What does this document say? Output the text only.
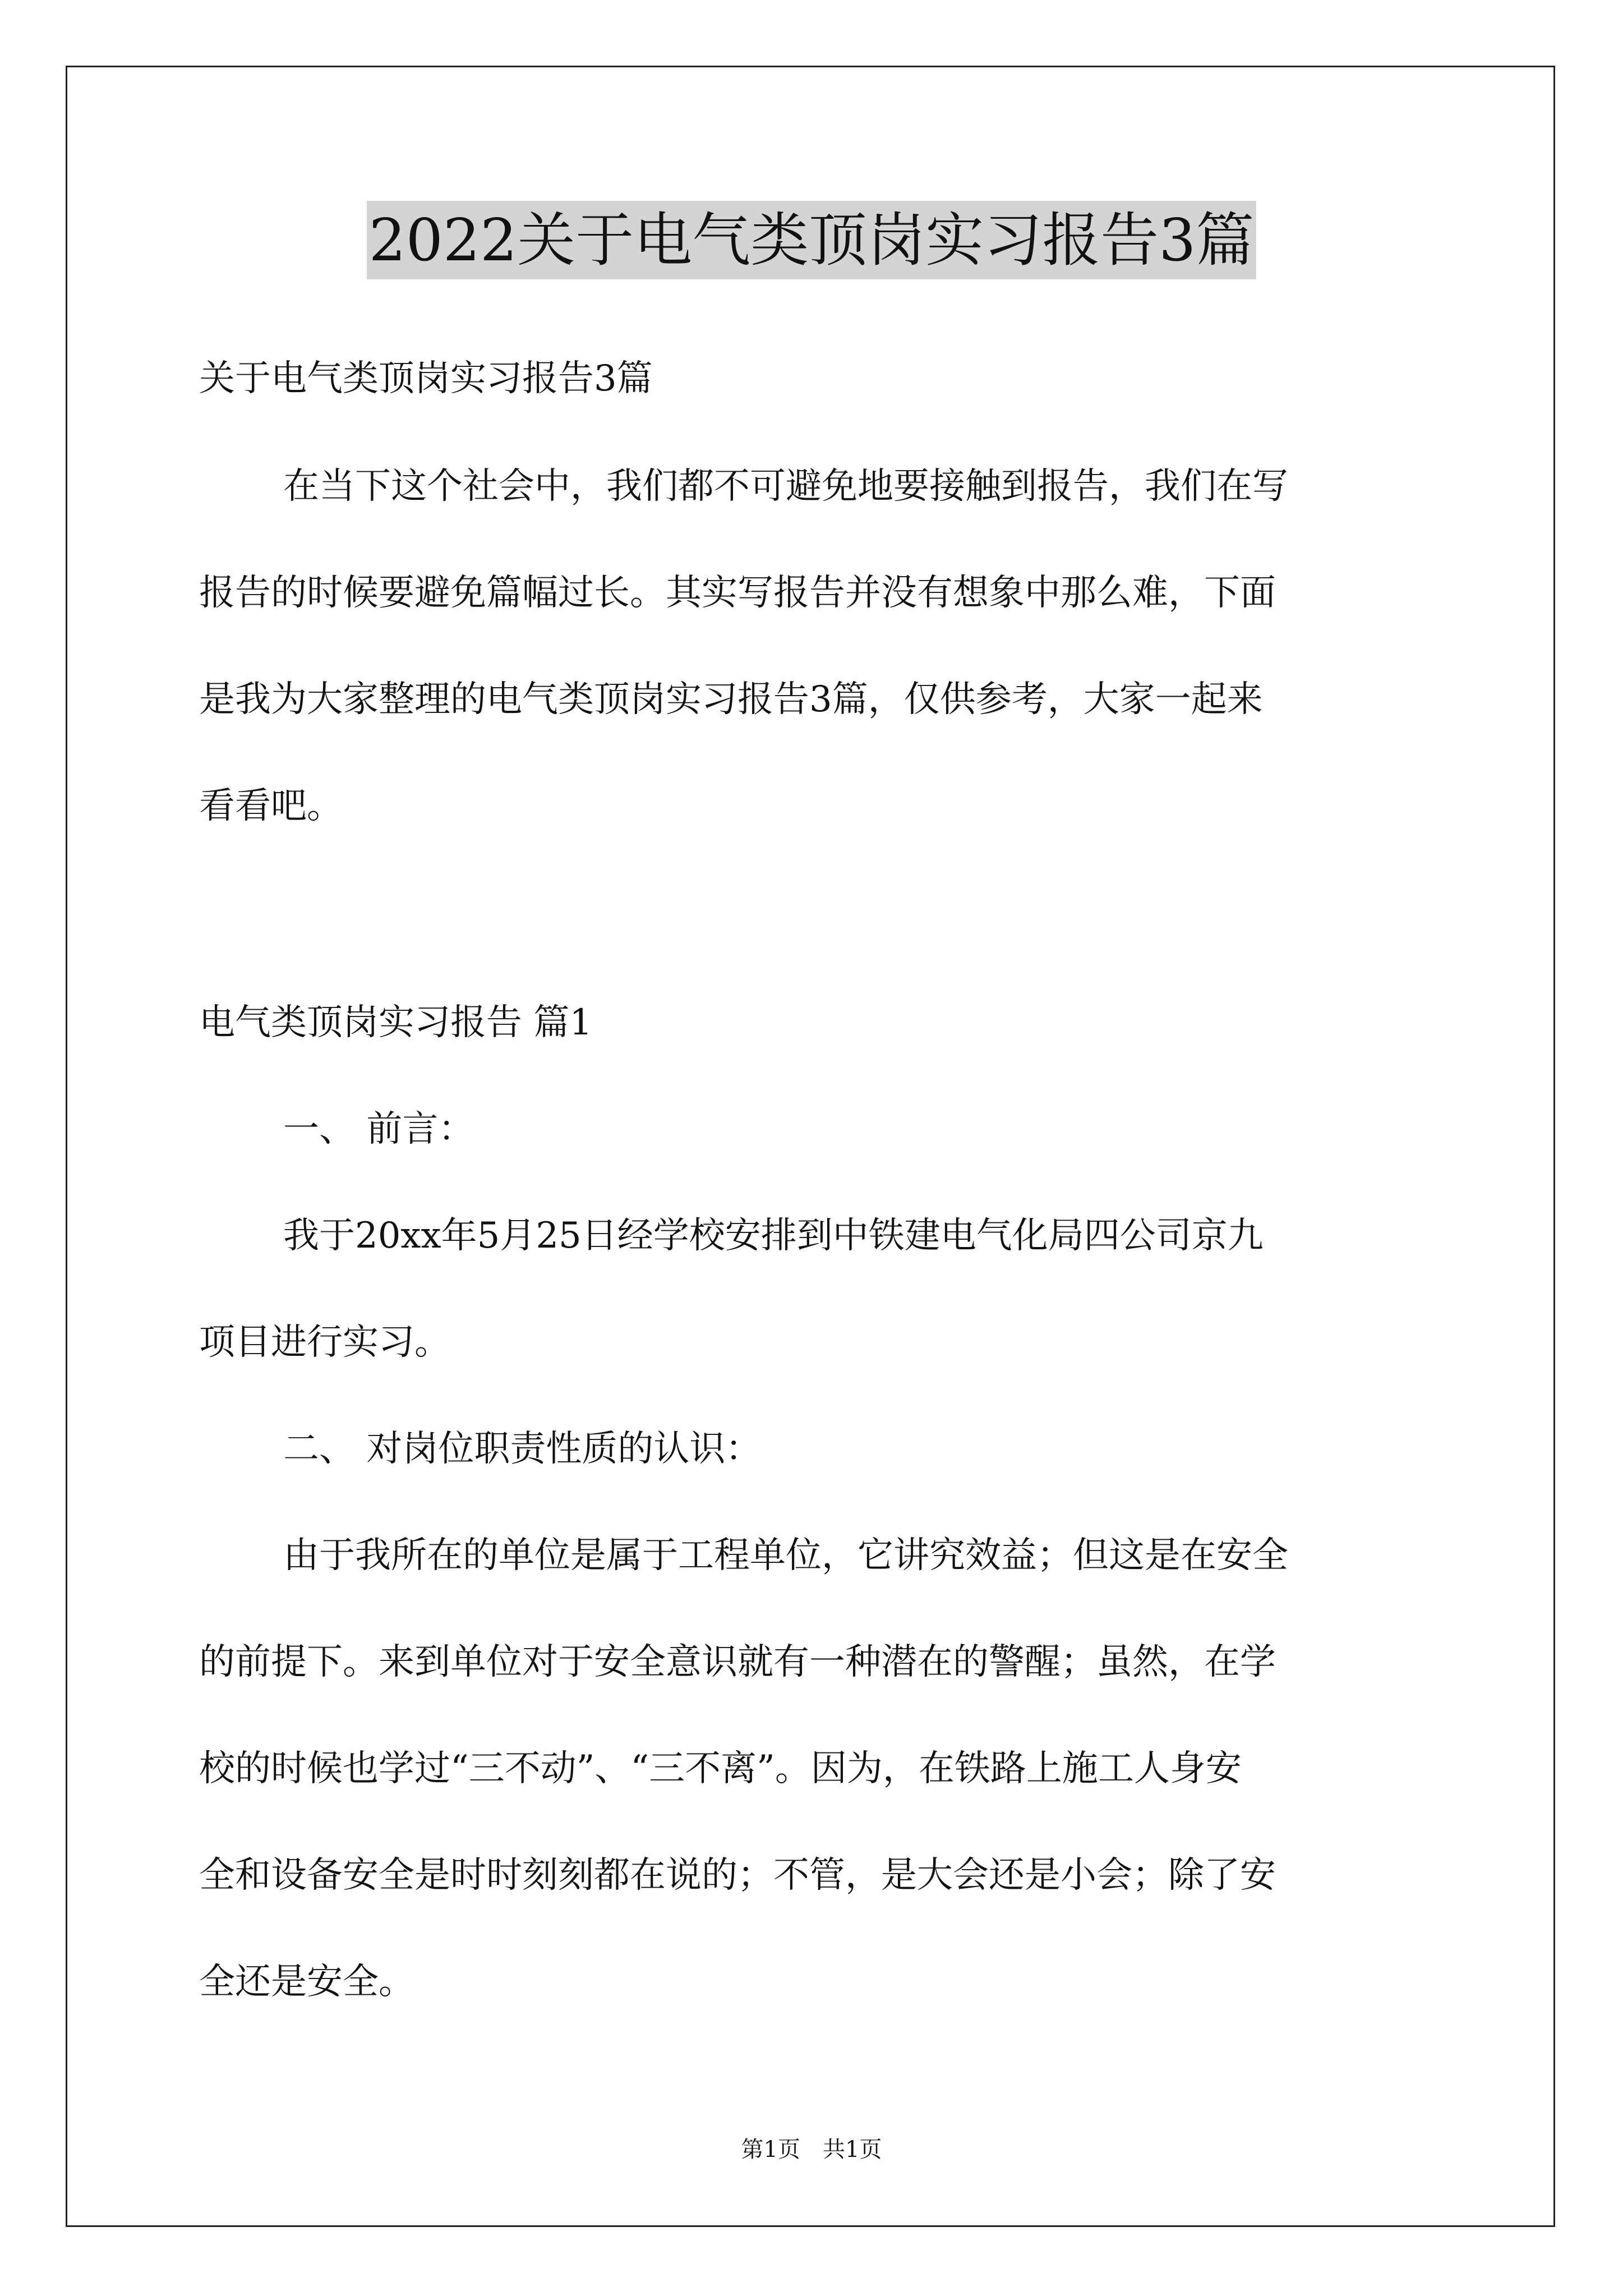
2022关于电气类顶岗实习报告3篇
关于电气类顶岗实习报告3篇
在当下这个社会中，我们都不可避免地要接触到报告，我们在写
报告的时候要避免篇幅过长。其实写报告并没有想象中那么难，下面
是我为大家整理的电气类顶岗实习报告3篇，仅供参考，大家一起来
看看吧。
电气类顶岗实习报告 篇1
一、 前言：
我于20xx年5月25日经学校安排到中铁建电气化局四公司京九
项目进行实习。
二、 对岗位职责性质的认识：
由于我所在的单位是属于工程单位，它讲究效益；但这是在安全
的前提下。来到单位对于安全意识就有一种潜在的警醒；虽然，在学
校的时候也学过“三不动”、“三不离”。因为，在铁路上施工人身安
全和设备安全是时时刻刻都在说的；不管，是大会还是小会；除了安
全还是安全。
第1页　共1页
